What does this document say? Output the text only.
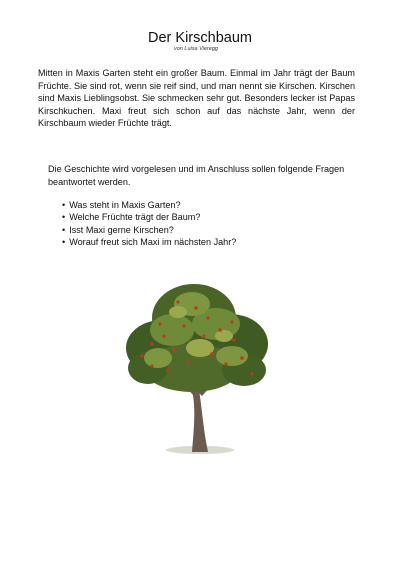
Der Kirschbaum
von Luisa Vieregg

Mitten in Maxis Garten steht ein großer Baum. Einmal im Jahr trägt der Baum Früchte. Sie sind rot, wenn sie reif sind, und man nennt sie Kirschen. Kirschen sind Maxis Lieblingsobst. Sie schmecken sehr gut. Besonders lecker ist Papas Kirschkuchen. Maxi freut sich schon auf das nächste Jahr, wenn der Kirschbaum wieder Früchte trägt.

Die Geschichte wird vorgelesen und im Anschluss sollen folgende Fragen beantwortet werden.

• Was steht in Maxis Garten?
• Welche Früchte trägt der Baum?
• Isst Maxi gerne Kirschen?
• Worauf freut sich Maxi im nächsten Jahr?
